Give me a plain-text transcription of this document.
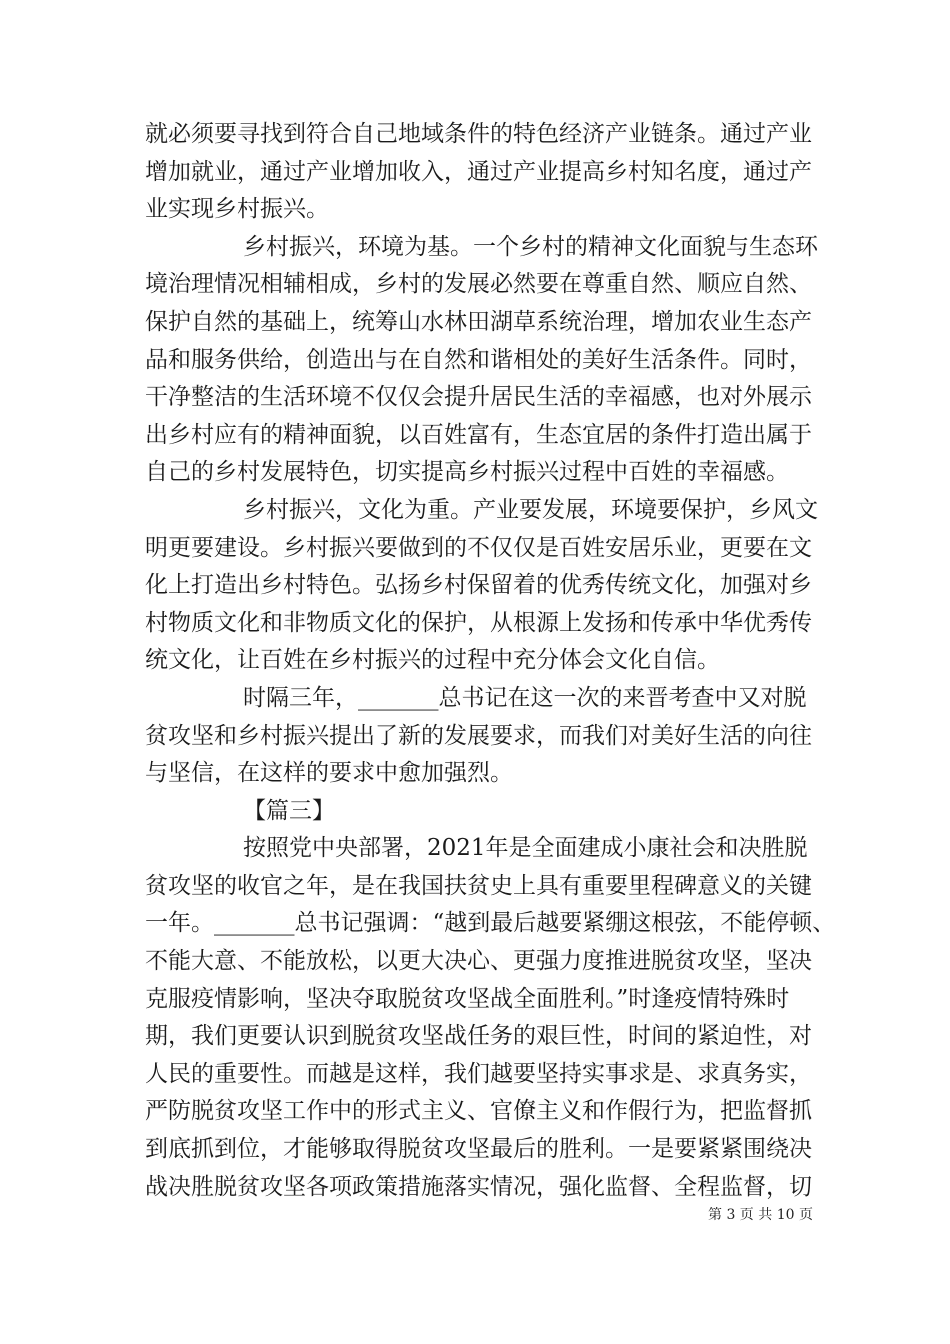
就必须要寻找到符合自己地域条件的特色经济产业链条。通过产业
增加就业，通过产业增加收入，通过产业提高乡村知名度，通过产
业实现乡村振兴。
乡村振兴，环境为基。一个乡村的精神文化面貌与生态环
境治理情况相辅相成，乡村的发展必然要在尊重自然、顺应自然、
保护自然的基础上，统筹山水林田湖草系统治理，增加农业生态产
品和服务供给，创造出与在自然和谐相处的美好生活条件。同时，
干净整洁的生活环境不仅仅会提升居民生活的幸福感，也对外展示
出乡村应有的精神面貌，以百姓富有，生态宜居的条件打造出属于
自己的乡村发展特色，切实提高乡村振兴过程中百姓的幸福感。
乡村振兴，文化为重。产业要发展，环境要保护，乡风文
明更要建设。乡村振兴要做到的不仅仅是百姓安居乐业，更要在文
化上打造出乡村特色。弘扬乡村保留着的优秀传统文化，加强对乡
村物质文化和非物质文化的保护，从根源上发扬和传承中华优秀传
统文化，让百姓在乡村振兴的过程中充分体会文化自信。
时隔三年，_______总书记在这一次的来晋考查中又对脱
贫攻坚和乡村振兴提出了新的发展要求，而我们对美好生活的向往
与坚信，在这样的要求中愈加强烈。
【篇三】
按照党中央部署，2021年是全面建成小康社会和决胜脱
贫攻坚的收官之年，是在我国扶贫史上具有重要里程碑意义的关键
一年。_______总书记强调：“越到最后越要紧绷这根弦，不能停顿、
不能大意、不能放松，以更大决心、更强力度推进脱贫攻坚，坚决
克服疫情影响，坚决夺取脱贫攻坚战全面胜利。”时逢疫情特殊时
期，我们更要认识到脱贫攻坚战任务的艰巨性，时间的紧迫性，对
人民的重要性。而越是这样，我们越要坚持实事求是、求真务实，
严防脱贫攻坚工作中的形式主义、官僚主义和作假行为，把监督抓
到底抓到位，才能够取得脱贫攻坚最后的胜利。一是要紧紧围绕决
战决胜脱贫攻坚各项政策措施落实情况，强化监督、全程监督，切
第 3 页 共 10 页
